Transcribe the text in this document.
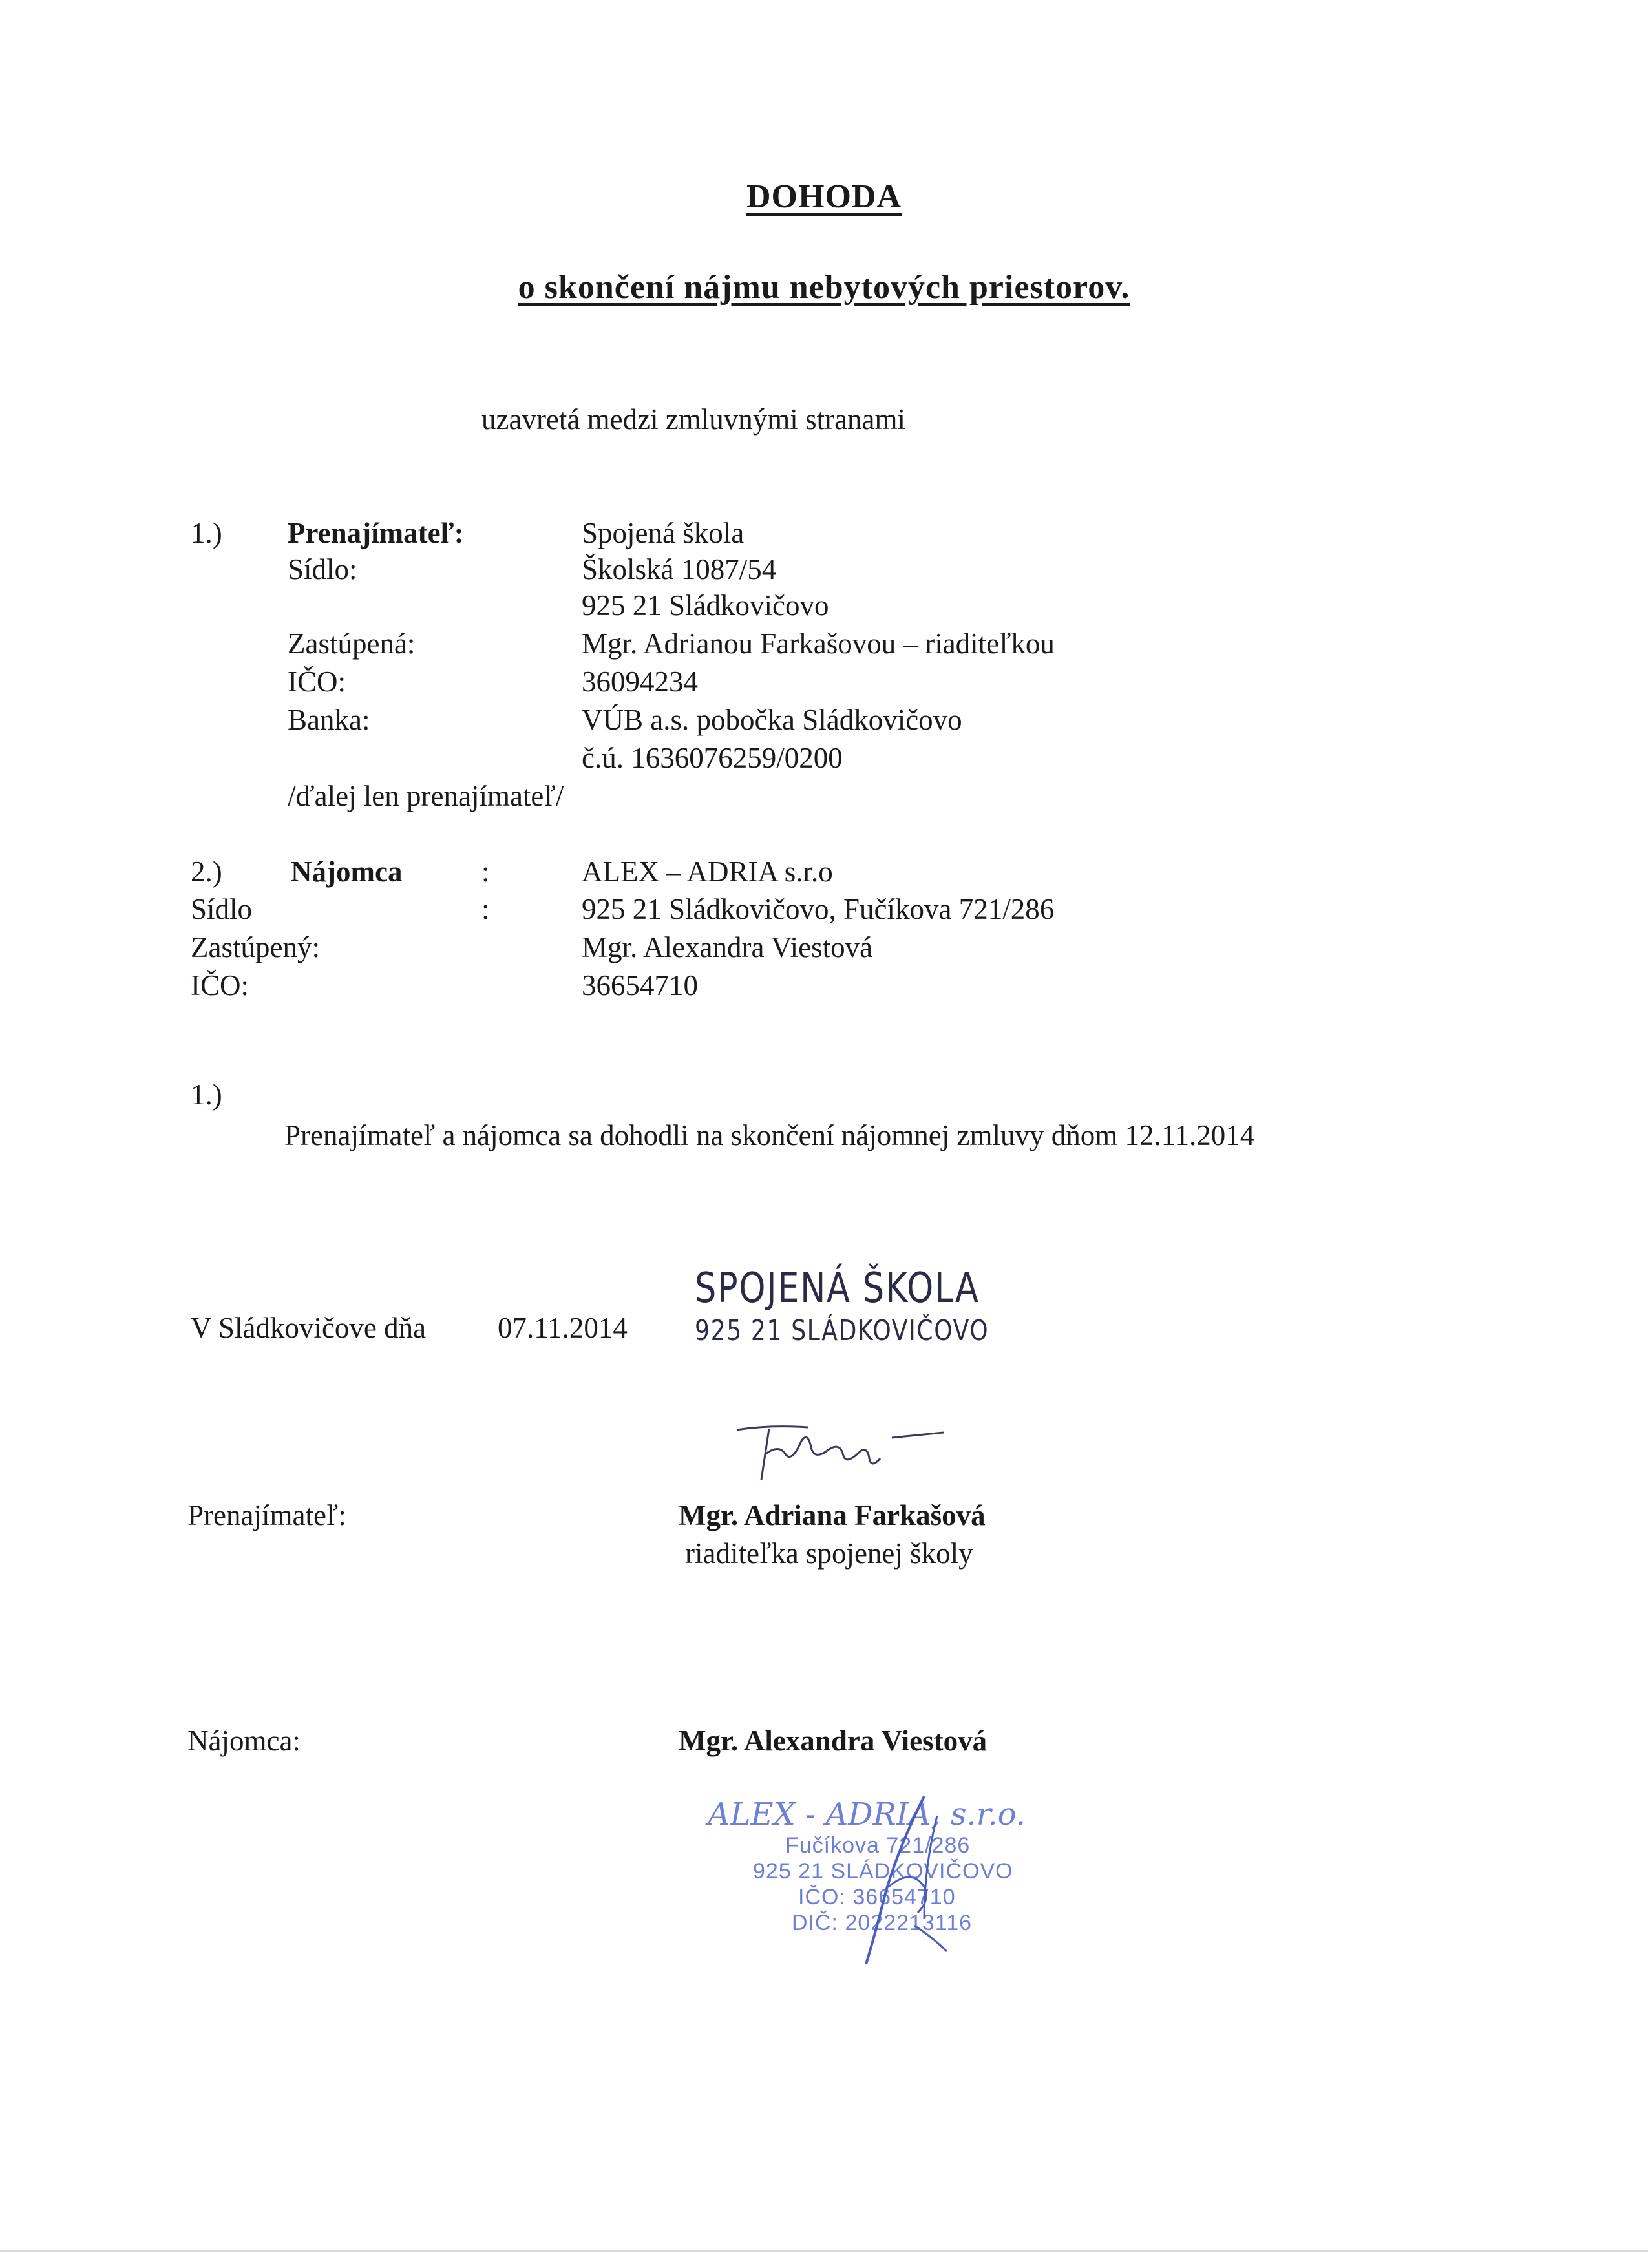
DOHODA
o skončení nájmu nebytových priestorov.
uzavretá medzi zmluvnými stranami
1.) Prenajímateľ:	Spojená škola
Sídlo:	Školská 1087/54
925 21 Sládkovičovo
Zastúpená:	Mgr. Adrianou Farkašovou – riaditeľkou
IČO:	36094234
Banka:	VÚB a.s. pobočka Sládkovičovo
č.ú. 1636076259/0200
/ďalej len prenajímateľ/
2.) Nájomca	:	ALEX – ADRIA s.r.o
Sídlo	:	925 21 Sládkovičovo, Fučíkova 721/286
Zastúpený:	Mgr. Alexandra Viestová
IČO:	36654710
1.)
Prenajímateľ a nájomca sa dohodli na skončení nájomnej zmluvy dňom 12.11.2014
V Sládkovičove dňa 07.11.2014
SPOJENÁ ŠKOLA
925 21 SLÁDKOVIČOVO
Prenajímateľ:	Mgr. Adriana Farkašová
riaditeľka spojenej školy
Nájomca:	Mgr. Alexandra Viestová
ALEX - ADRIA, s.r.o.
Fučíkova 721/286
925 21 SLÁDKOVIČOVO
IČO: 36654710
DIČ: 2022213116
